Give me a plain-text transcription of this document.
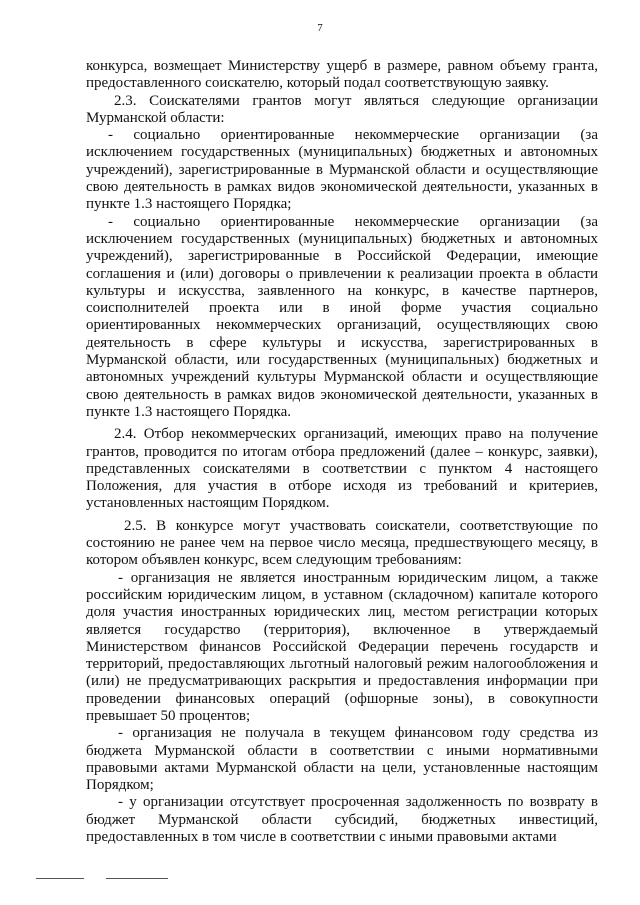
7

конкурса, возмещает Министерству ущерб в размере, равном объему гранта, предоставленного соискателю, который подал соответствующую заявку.

2.3. Соискателями грантов могут являться следующие организации Мурманской области:

- социально ориентированные некоммерческие организации (за исключением государственных (муниципальных) бюджетных и автономных учреждений), зарегистрированные в Мурманской области и осуществляющие свою деятельность в рамках видов экономической деятельности, указанных в пункте 1.3 настоящего Порядка;

- социально ориентированные некоммерческие организации (за исключением государственных (муниципальных) бюджетных и автономных учреждений), зарегистрированные в Российской Федерации, имеющие соглашения и (или) договоры о привлечении к реализации проекта в области культуры и искусства, заявленного на конкурс, в качестве партнеров, соисполнителей проекта или в иной форме участия социально ориентированных некоммерческих организаций, осуществляющих свою деятельность в сфере культуры и искусства, зарегистрированных в Мурманской области, или государственных (муниципальных) бюджетных и автономных учреждений культуры Мурманской области и осуществляющие свою деятельность в рамках видов экономической деятельности, указанных в пункте 1.3 настоящего Порядка.

2.4. Отбор некоммерческих организаций, имеющих право на получение грантов, проводится по итогам отбора предложений (далее – конкурс, заявки), представленных соискателями в соответствии с пунктом 4 настоящего Положения, для участия в отборе исходя из требований и критериев, установленных настоящим Порядком.

2.5. В конкурсе могут участвовать соискатели, соответствующие по состоянию не ранее чем на первое число месяца, предшествующего месяцу, в котором объявлен конкурс, всем следующим требованиям:

- организация не является иностранным юридическим лицом, а также российским юридическим лицом, в уставном (складочном) капитале которого доля участия иностранных юридических лиц, местом регистрации которых является государство (территория), включенное в утверждаемый Министерством финансов Российской Федерации перечень государств и территорий, предоставляющих льготный налоговый режим налогообложения и (или) не предусматривающих раскрытия и предоставления информации при проведении финансовых операций (офшорные зоны), в совокупности превышает 50 процентов;

- организация не получала в текущем финансовом году средства из бюджета Мурманской области в соответствии с иными нормативными правовыми актами Мурманской области на цели, установленные настоящим Порядком;

- у организации отсутствует просроченная задолженность по возврату в бюджет Мурманской области субсидий, бюджетных инвестиций, предоставленных в том числе в соответствии с иными правовыми актами
